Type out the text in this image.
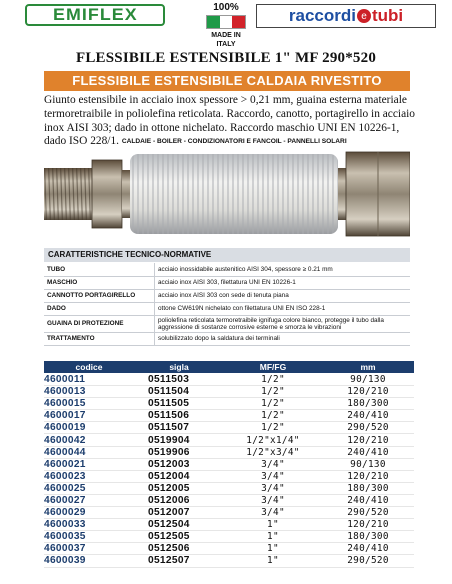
EMIFLEX	100%
MADE IN ITALY
raccordi e tubi
FLESSIBILE ESTENSIBILE 1" MF 290*520
FLESSIBILE ESTENSIBILE CALDAIA RIVESTITO
Giunto estensibile in acciaio inox spessore > 0,21 mm, guaina esterna materiale termoretraibile in poliolefina reticolata. Raccordo, canotto, portagirello in acciaio inox AISI 303; dado in ottone nichelato. Raccordo maschio UNI EN 10226-1, dado ISO 228/1. CALDAIE - BOILER - CONDIZIONATORI E FANCOIL - PANNELLI SOLARI
CARATTERISTICHE TECNICO-NORMATIVE
TUBO	acciaio inossidabile austenitico AISI 304, spessore ≥ 0.21 mm
MASCHIO	acciaio inox AISI 303, filettatura UNI EN 10226-1
CANNOTTO PORTAGIRELLO	acciaio inox AISI 303 con sede di tenuta piana
DADO	ottone CW619N nichelato con filettatura UNI EN ISO 228-1
GUAINA DI PROTEZIONE	poliolefina reticolata termoretraibile ignifuga colore bianco, protegge il tubo dalla aggressione di sostanze corrosive esterne e smorza le vibrazioni
TRATTAMENTO	solubilizzato dopo la saldatura dei terminali
codice	sigla	MF/FG	mm
4600011	0511503	1/2"	90/130
4600013	0511504	1/2"	120/210
4600015	0511505	1/2"	180/300
4600017	0511506	1/2"	240/410
4600019	0511507	1/2"	290/520
4600042	0519904	1/2"x1/4"	120/210
4600044	0519906	1/2"x3/4"	240/410
4600021	0512003	3/4"	90/130
4600023	0512004	3/4"	120/210
4600025	0512005	3/4"	180/300
4600027	0512006	3/4"	240/410
4600029	0512007	3/4"	290/520
4600033	0512504	1"	120/210
4600035	0512505	1"	180/300
4600037	0512506	1"	240/410
4600039	0512507	1"	290/520
